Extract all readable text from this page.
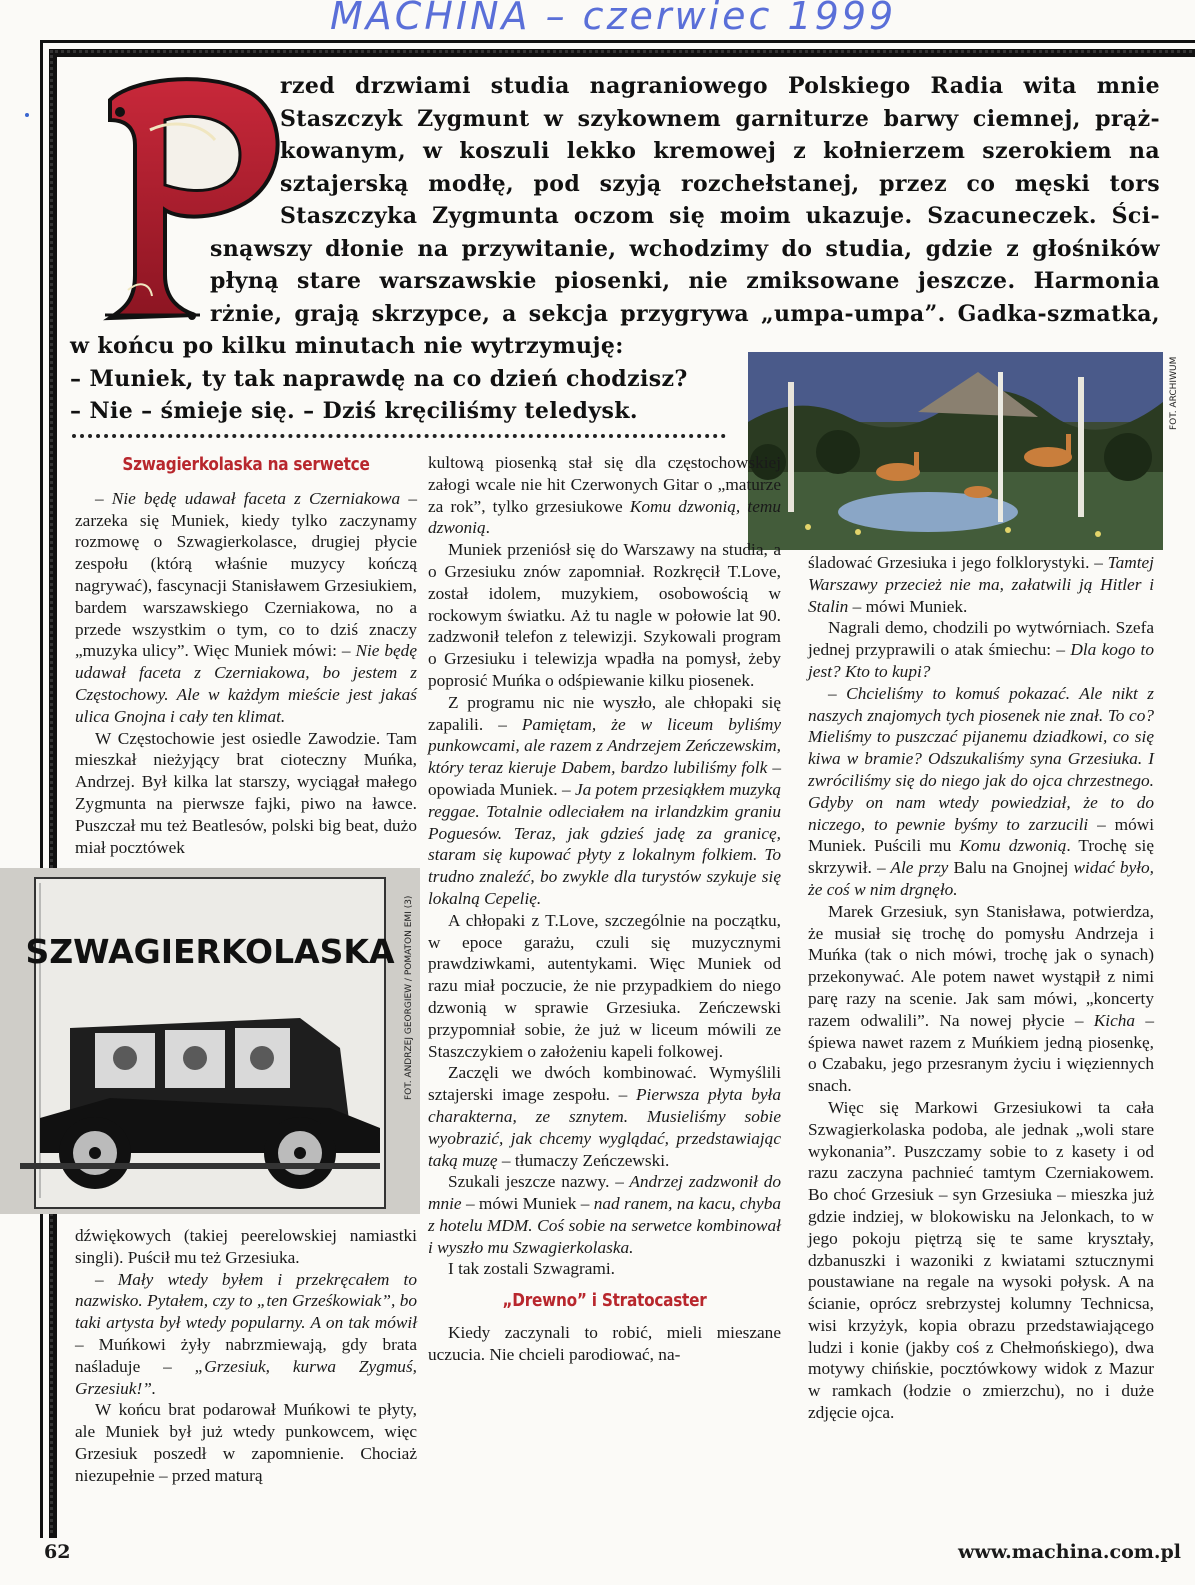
MACHINA – czerwiec 1999
rzed drzwiami studia nagraniowego Polskiego Radia wita mnie
Staszczyk Zygmunt w szykownem garniturze barwy ciemnej, prąż-
kowanym, w koszuli lekko kremowej z kołnierzem szerokiem na
sztajerską modłę, pod szyją rozchełstanej, przez co męski tors
Staszczyka Zygmunta oczom się moim ukazuje. Szacuneczek. Ści-
snąwszy dłonie na przywitanie, wchodzimy do studia, gdzie z głośników
płyną stare warszawskie piosenki, nie zmiksowane jeszcze. Harmonia
rżnie, grają skrzypce, a sekcja przygrywa „umpa-umpa”. Gadka-szmatka,
w końcu po kilku minutach nie wytrzymuję:
– Muniek, ty tak naprawdę na co dzień chodzisz?
– Nie – śmieje się. – Dziś kręciliśmy teledysk.	FOT. ARCHIWUM
SZWAGIERKOLASKA FOT. ANDRZEJ GEORGIEW / POMATON EMI (3)
Szwagierkolaska na serwetce

– Nie będę udawał faceta z Czerniakowa – zarzeka się Muniek, kiedy tylko zaczynamy rozmowę o Szwagierkolasce, drugiej płycie zespołu (którą właśnie muzycy kończą nagrywać), fascynacji Stanisławem Grzesiukiem, bardem warszawskiego Czerniakowa, no a przede wszystkim o tym, co to dziś znaczy „muzyka ulicy”. Więc Muniek mówi: – Nie będę udawał faceta z Czerniakowa, bo jestem z Częstochowy. Ale w każdym mieście jest jakaś ulica Gnojna i cały ten klimat.

W Częstochowie jest osiedle Zawodzie. Tam mieszkał nieżyjący brat cioteczny Muńka, Andrzej. Był kilka lat starszy, wyciągał małego Zygmunta na pierwsze fajki, piwo na ławce. Puszczał mu też Beatlesów, polski big beat, dużo miał pocztówek

dźwiękowych (takiej peerelowskiej namiastki singli). Puścił mu też Grzesiuka.

– Mały wtedy byłem i przekręcałem to nazwisko. Pytałem, czy to „ten Grześkowiak”, bo taki artysta był wtedy popularny. A on tak mówił – Muńkowi żyły nabrzmiewają, gdy brata naśladuje – „Grzesiuk, kurwa Zygmuś, Grzesiuk!”.

W końcu brat podarował Muńkowi te płyty, ale Muniek był już wtedy punkowcem, więc Grzesiuk poszedł w zapomnienie. Chociaż niezupełnie – przed maturą

kultową piosenką stał się dla częstochowskiej załogi wcale nie hit Czerwonych Gitar o „maturze za rok”, tylko grzesiukowe Komu dzwonią, temu dzwonią.

Muniek przeniósł się do Warszawy na studia, a o Grzesiuku znów zapomniał. Rozkręcił T.Love, został idolem, muzykiem, osobowością w rockowym światku. Aż tu nagle w połowie lat 90. zadzwonił telefon z telewizji. Szykowali program o Grzesiuku i telewizja wpadła na pomysł, żeby poprosić Muńka o odśpiewanie kilku piosenek.

Z programu nic nie wyszło, ale chłopaki się zapalili. – Pamiętam, że w liceum byliśmy punkowcami, ale razem z Andrzejem Zeńczewskim, który teraz kieruje Dabem, bardzo lubiliśmy folk – opowiada Muniek. – Ja potem przesiąkłem muzyką reggae. Totalnie odleciałem na irlandzkim graniu Poguesów. Teraz, jak gdzieś jadę za granicę, staram się kupować płyty z lokalnym folkiem. To trudno znaleźć, bo zwykle dla turystów szykuje się lokalną Cepelię.

A chłopaki z T.Love, szczególnie na początku, w epoce garażu, czuli się muzycznymi prawdziwkami, autentykami. Więc Muniek od razu miał poczucie, że nie przypadkiem do niego dzwonią w sprawie Grzesiuka. Zeńczewski przypomniał sobie, że już w liceum mówili ze Staszczykiem o założeniu kapeli folkowej.

Zaczęli we dwóch kombinować. Wymyślili sztajerski image zespołu. – Pierwsza płyta była charakterna, ze sznytem. Musieliśmy sobie wyobrazić, jak chcemy wyglądać, przedstawiając taką muzę – tłumaczy Zeńczewski.

Szukali jeszcze nazwy. – Andrzej zadzwonił do mnie – mówi Muniek – nad ranem, na kacu, chyba z hotelu MDM. Coś sobie na serwetce kombinował i wyszło mu Szwagierkolaska.

I tak zostali Szwagrami.

„Drewno” i Stratocaster

Kiedy zaczynali to robić, mieli mieszane uczucia. Nie chcieli parodiować, na-

śladować Grzesiuka i jego folklorystyki. – Tamtej Warszawy przecież nie ma, załatwili ją Hitler i Stalin – mówi Muniek.

Nagrali demo, chodzili po wytwórniach. Szefa jednej przyprawili o atak śmiechu: – Dla kogo to jest? Kto to kupi?

– Chcieliśmy to komuś pokazać. Ale nikt z naszych znajomych tych piosenek nie znał. To co? Mieliśmy to puszczać pijanemu dziadkowi, co się kiwa w bramie? Odszukaliśmy syna Grzesiuka. I zwróciliśmy się do niego jak do ojca chrzestnego. Gdyby on nam wtedy powiedział, że to do niczego, to pewnie byśmy to zarzucili – mówi Muniek. Puścili mu Komu dzwonią. Trochę się skrzywił. – Ale przy Balu na Gnojnej widać było, że coś w nim drgnęło.

Marek Grzesiuk, syn Stanisława, potwierdza, że musiał się trochę do pomysłu Andrzeja i Muńka (tak o nich mówi, trochę jak o synach) przekonywać. Ale potem nawet wystąpił z nimi parę razy na scenie. Jak sam mówi, „koncerty razem odwalili”. Na nowej płycie – Kicha – śpiewa nawet razem z Muńkiem jedną piosenkę, o Czabaku, jego przesranym życiu i więziennych snach.

Więc się Markowi Grzesiukowi ta cała Szwagierkolaska podoba, ale jednak „woli stare wykonania”. Puszczamy sobie to z kasety i od razu zaczyna pachnieć tamtym Czerniakowem. Bo choć Grzesiuk – syn Grzesiuka – mieszka już gdzie indziej, w blokowisku na Jelonkach, to w jego pokoju piętrzą się te same kryształy, dzbanuszki i wazoniki z kwiatami sztucznymi poustawiane na regale na wysoki połysk. A na ścianie, oprócz srebrzystej kolumny Technicsa, wisi krzyżyk, kopia obrazu przedstawiającego ludzi i konie (jakby coś z Chełmońskiego), dwa motywy chińskie, pocztówkowy widok z Mazur w ramkach (łodzie o zmierzchu), no i duże zdjęcie ojca.

62	www.machina.com.pl
